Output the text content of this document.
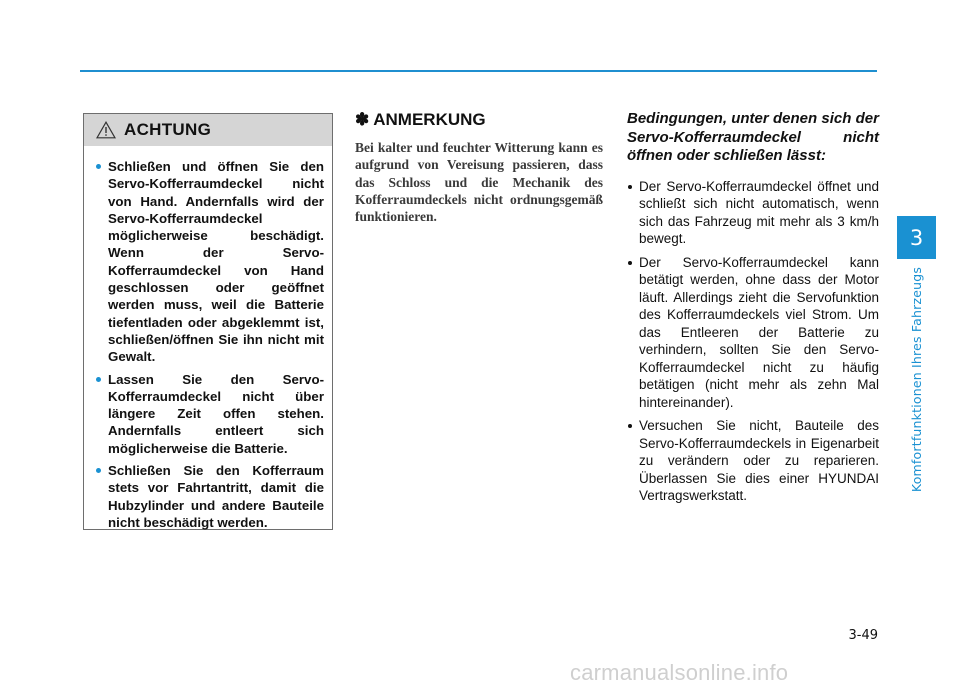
3
Komfortfunktionen Ihres Fahrzeugs
ACHTUNG
Schließen und öffnen Sie den Servo-Kofferraumdeckel nicht von Hand. Andernfalls wird der Servo-Kofferraumdeckel möglicherweise beschädigt. Wenn der Servo-Kofferraumdeckel von Hand geschlossen oder geöffnet werden muss, weil die Batterie tiefentladen oder abgeklemmt ist, schließen/öffnen Sie ihn nicht mit Gewalt.
Lassen Sie den Servo-Kofferraumdeckel nicht über längere Zeit offen stehen. Andernfalls entleert sich möglicherweise die Batterie.
Schließen Sie den Kofferraum stets vor Fahrtantritt, damit die Hubzylinder und andere Bauteile nicht beschädigt werden.
✽ ANMERKUNG

Bei kalter und feuchter Witterung kann es aufgrund von Vereisung passieren, dass das Schloss und die Mechanik des Kofferraumdeckels nicht ordnungsgemäß funktionieren.

Bedingungen, unter denen sich der Servo-Kofferraumdeckel nicht öffnen oder schließen lässt:

Der Servo-Kofferraumdeckel öffnet und schließt sich nicht automatisch, wenn sich das Fahrzeug mit mehr als 3 km/h bewegt.
Der Servo-Kofferraumdeckel kann betätigt werden, ohne dass der Motor läuft. Allerdings zieht die Servofunktion des Kofferraumdeckels viel Strom. Um das Entleeren der Batterie zu verhindern, sollten Sie den Servo-Kofferraumdeckel nicht zu häufig betätigen (nicht mehr als zehn Mal hintereinander).
Versuchen Sie nicht, Bauteile des Servo-Kofferraumdeckels in Eigenarbeit zu verändern oder zu reparieren. Überlassen Sie dies einer HYUNDAI Vertragswerkstatt.
3-49
carmanualsonline.info
